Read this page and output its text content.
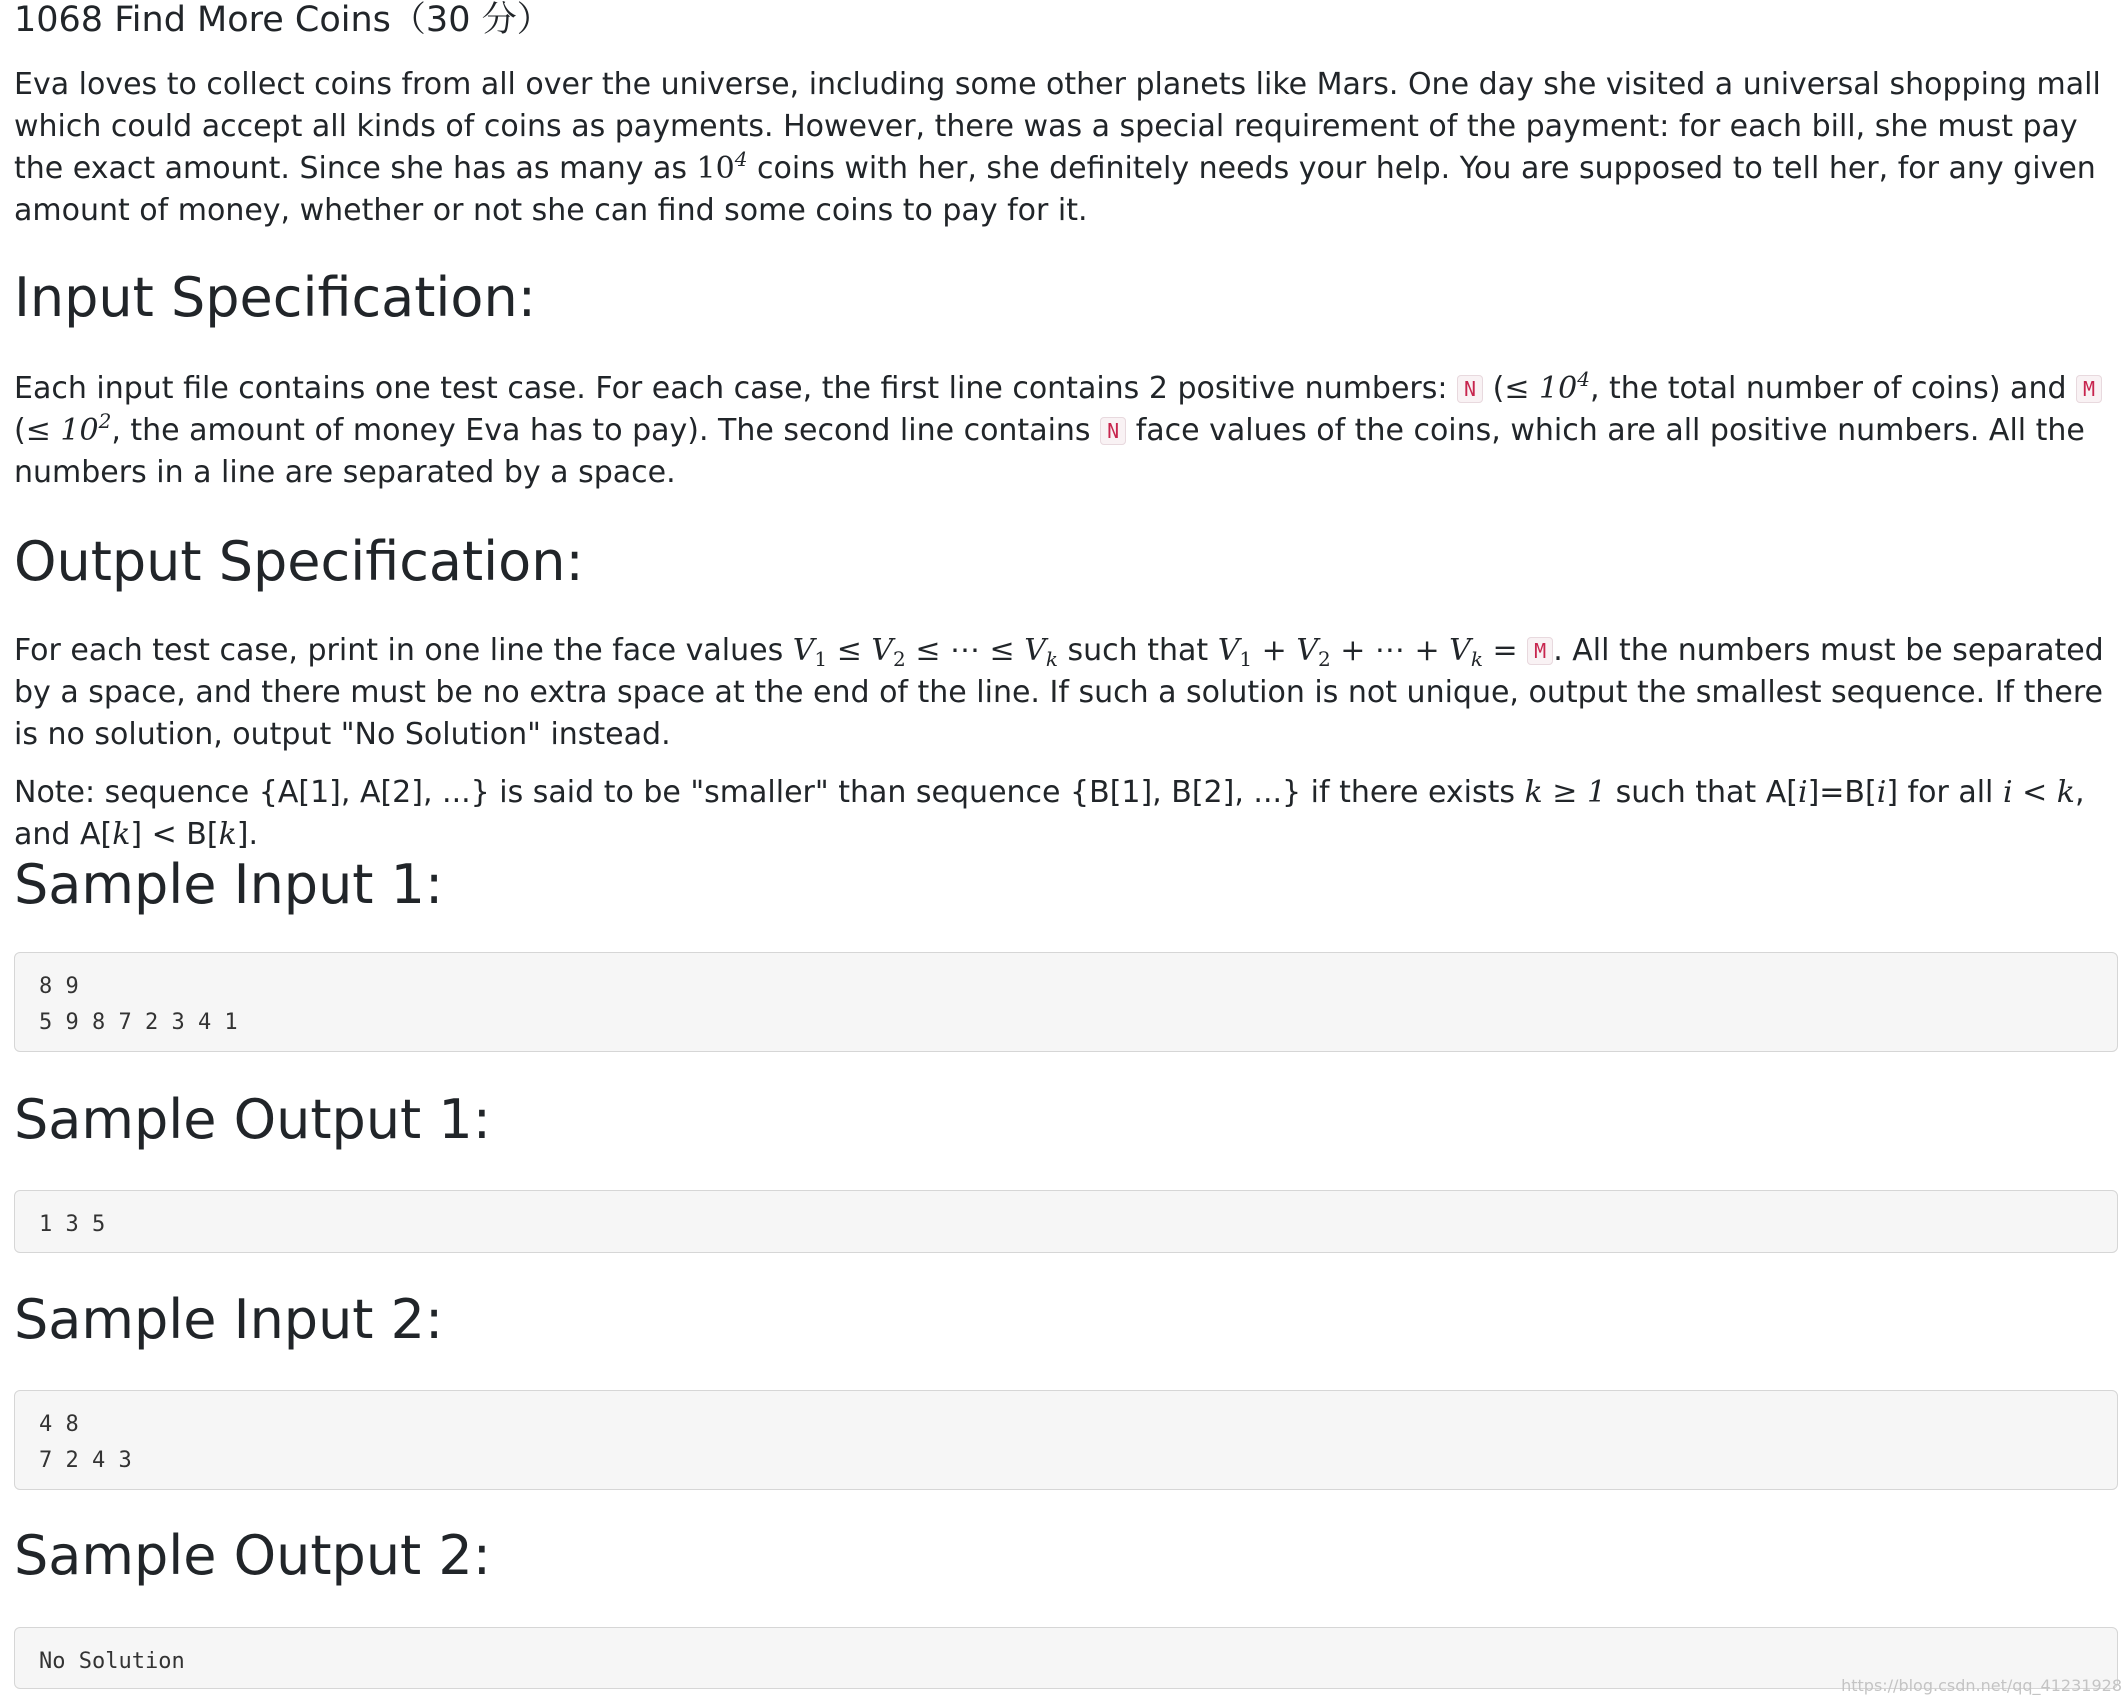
1068 Find More Coins（30 分）

Eva loves to collect coins from all over the universe, including some other planets like Mars. One day she visited a universal shopping mall which could accept all kinds of coins as payments. However, there was a special requirement of the payment: for each bill, she must pay the exact amount. Since she has as many as $10^4$ coins with her, she definitely needs your help. You are supposed to tell her, for any given amount of money, whether or not she can find some coins to pay for it.

Input Specification:

Each input file contains one test case. For each case, the first line contains 2 positive numbers: N (≤ $10^4$, the total number of coins) and M (≤ $10^2$, the amount of money Eva has to pay). The second line contains N face values of the coins, which are all positive numbers. All the numbers in a line are separated by a space.

Output Specification:

For each test case, print in one line the face values $V_1 \le V_2$ ≤ ⋯ ≤ $V_k$ such that $V_1 + V_2$ + ⋯ + $V_k = M$ . All the numbers must be separated by a space, and there must be no extra space at the end of the line. If such a solution is not unique, output the smallest sequence. If there is no solution, output "No Solution" instead.

Note: sequence {A[1], A[2], ...} is said to be "smaller" than sequence {B[1], B[2], ...} if there exists k ≥ 1 such that A[i]=B[i] for all i < k, and A[k] < B[k].

Sample Input 1:
8 9
5 9 8 7 2 3 4 1
Sample Output 1:
1 3 5
Sample Input 2:
4 8
7 2 4 3
Sample Output 2:
No Solution
https://blog.csdn.net/qq_41231928
